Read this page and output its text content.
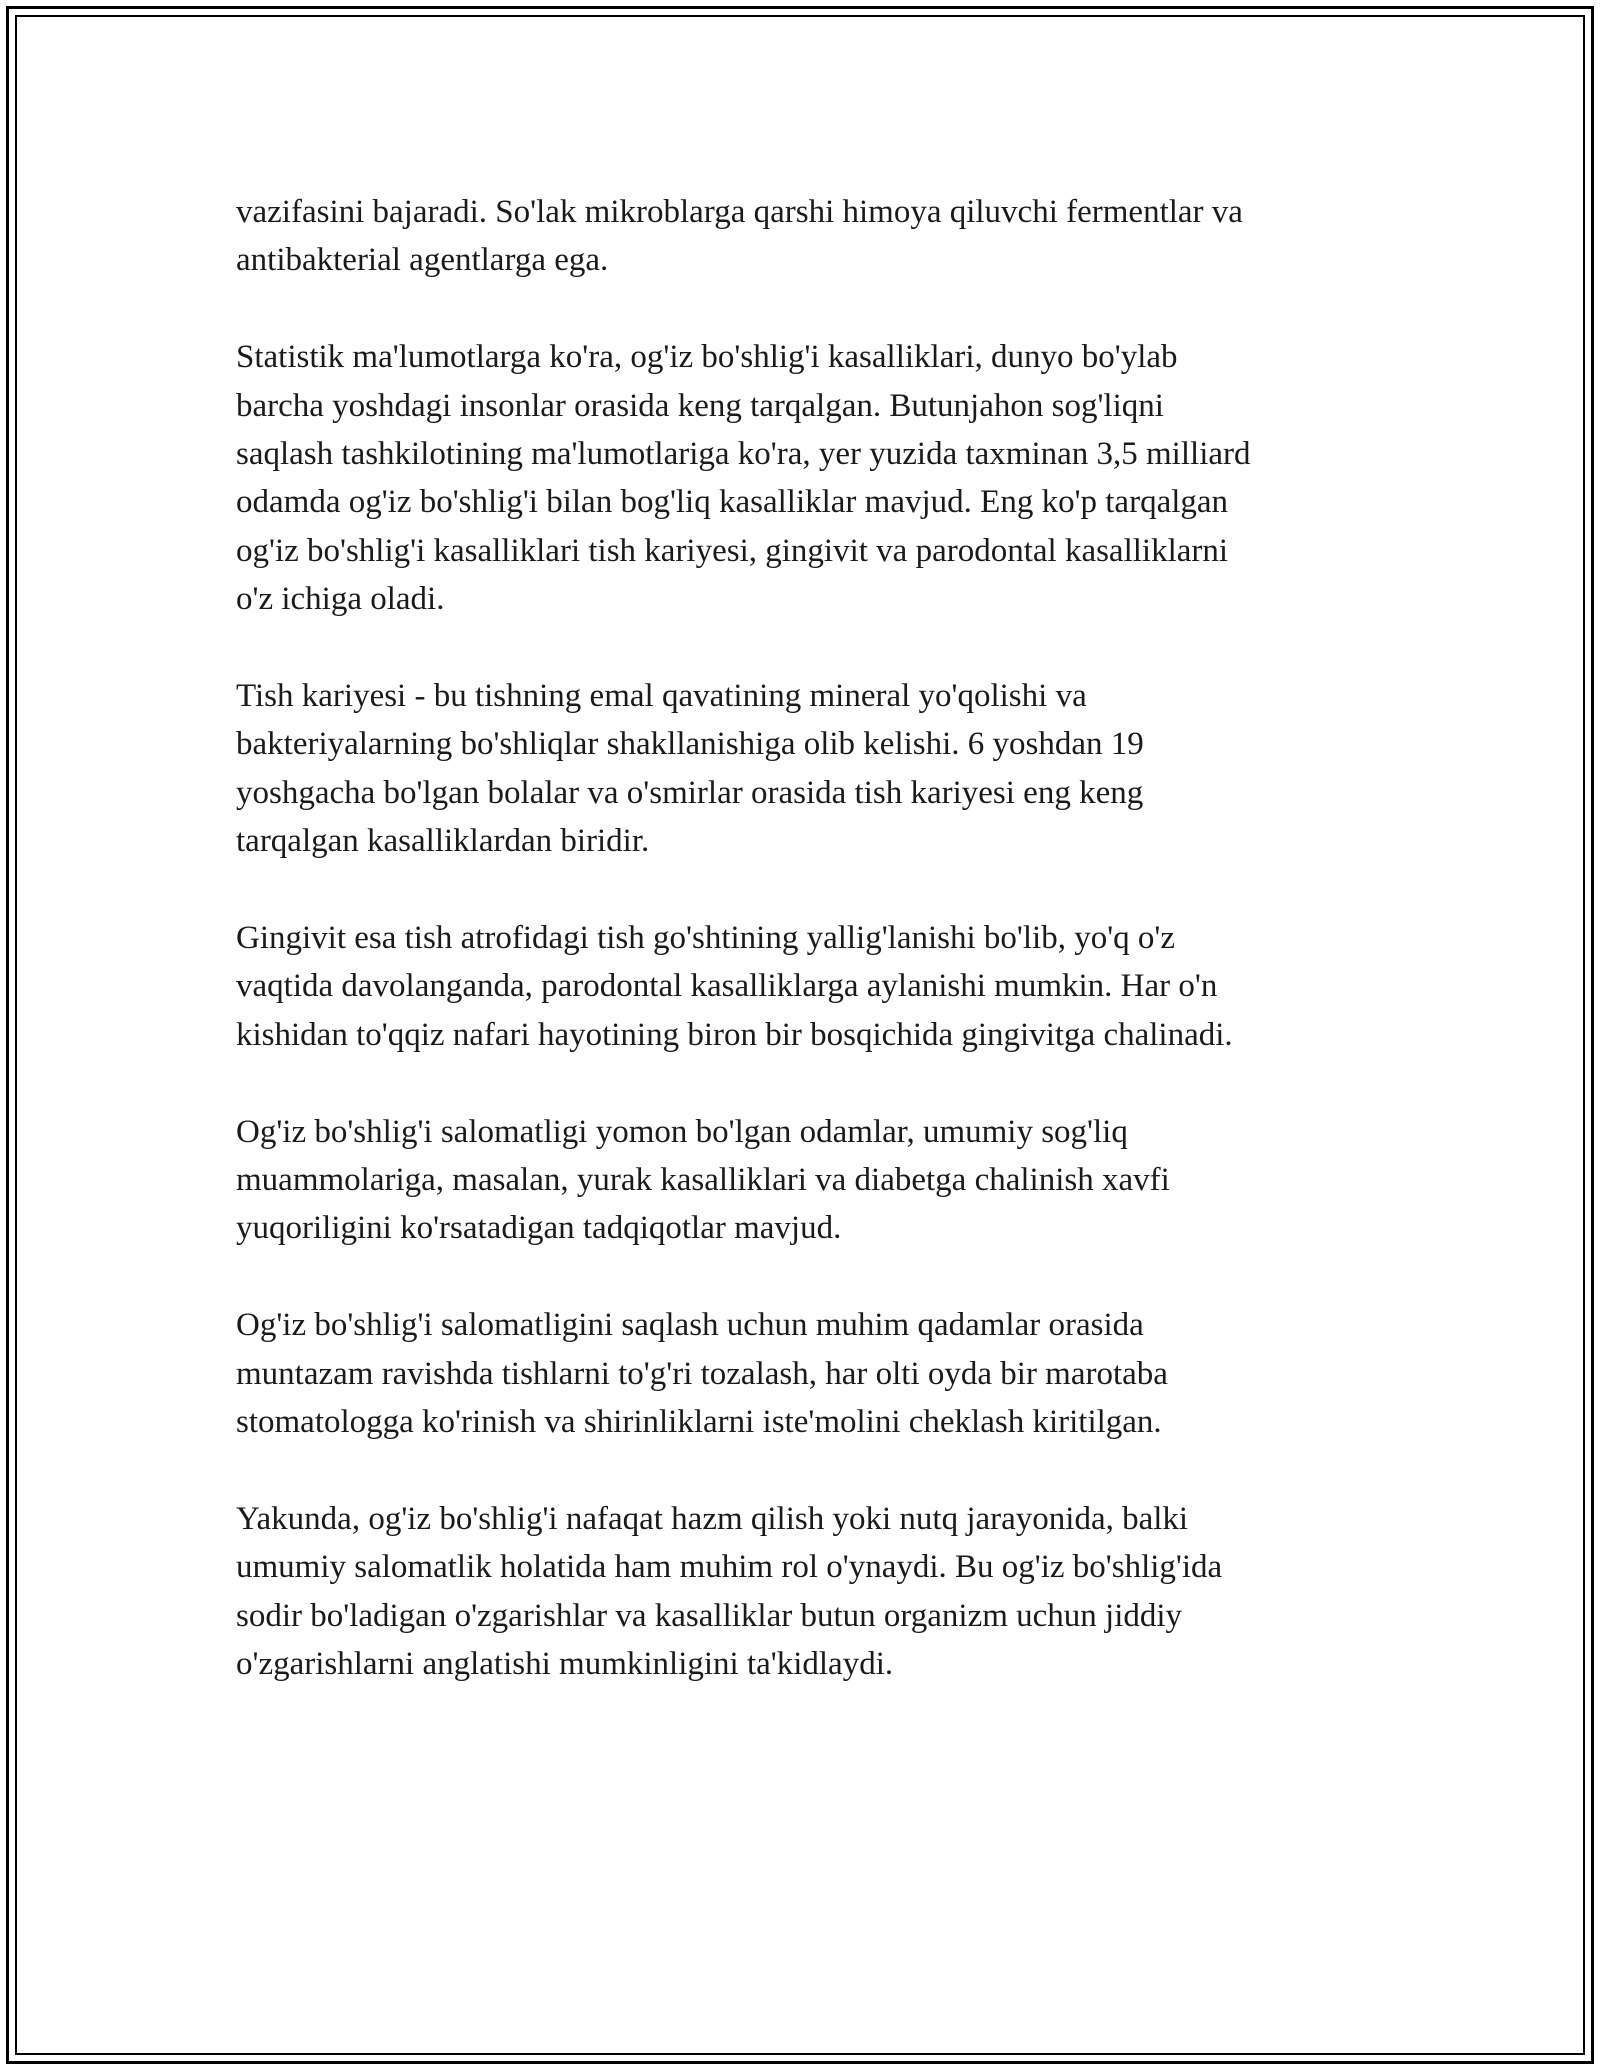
vazifasini bajaradi. So'lak mikroblarga qarshi himoya qiluvchi fermentlar va
antibakterial agentlarga ega.

Statistik ma'lumotlarga ko'ra, og'iz bo'shlig'i kasalliklari, dunyo bo'ylab
barcha yoshdagi insonlar orasida keng tarqalgan. Butunjahon sog'liqni
saqlash tashkilotining ma'lumotlariga ko'ra, yer yuzida taxminan 3,5 milliard
odamda og'iz bo'shlig'i bilan bog'liq kasalliklar mavjud. Eng ko'p tarqalgan
og'iz bo'shlig'i kasalliklari tish kariyesi, gingivit va parodontal kasalliklarni
o'z ichiga oladi.

Tish kariyesi - bu tishning emal qavatining mineral yo'qolishi va
bakteriyalarning bo'shliqlar shakllanishiga olib kelishi. 6 yoshdan 19
yoshgacha bo'lgan bolalar va o'smirlar orasida tish kariyesi eng keng
tarqalgan kasalliklardan biridir.

Gingivit esa tish atrofidagi tish go'shtining yallig'lanishi bo'lib, yo'q o'z
vaqtida davolanganda, parodontal kasalliklarga aylanishi mumkin. Har o'n
kishidan to'qqiz nafari hayotining biron bir bosqichida gingivitga chalinadi.

Og'iz bo'shlig'i salomatligi yomon bo'lgan odamlar, umumiy sog'liq
muammolariga, masalan, yurak kasalliklari va diabetga chalinish xavfi
yuqoriligini ko'rsatadigan tadqiqotlar mavjud.

Og'iz bo'shlig'i salomatligini saqlash uchun muhim qadamlar orasida
muntazam ravishda tishlarni to'g'ri tozalash, har olti oyda bir marotaba
stomatologga ko'rinish va shirinliklarni iste'molini cheklash kiritilgan.

Yakunda, og'iz bo'shlig'i nafaqat hazm qilish yoki nutq jarayonida, balki
umumiy salomatlik holatida ham muhim rol o'ynaydi. Bu og'iz bo'shlig'ida
sodir bo'ladigan o'zgarishlar va kasalliklar butun organizm uchun jiddiy
o'zgarishlarni anglatishi mumkinligini ta'kidlaydi.
